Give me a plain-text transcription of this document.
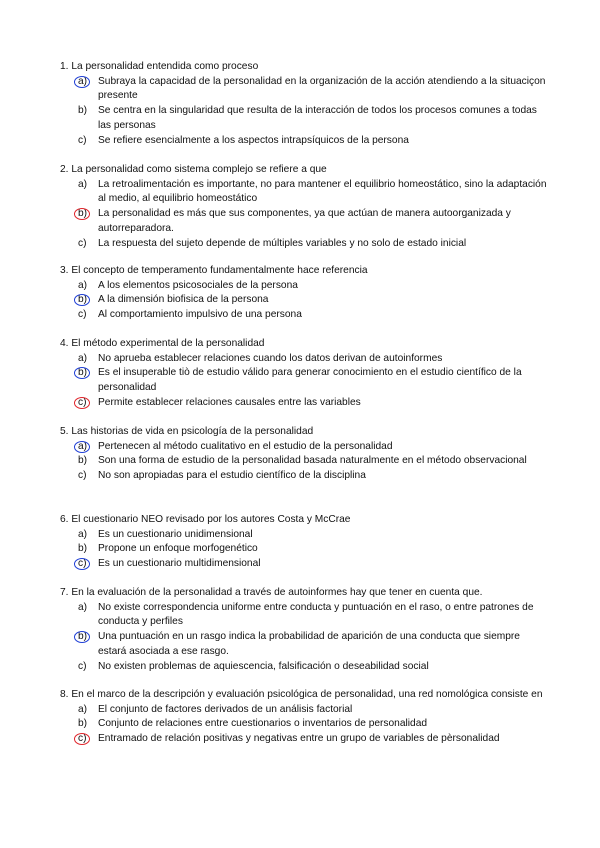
1. La personalidad entendida como proceso
a)	Subraya la capacidad de la personalidad en la organización de la acción atendiendo a la situaciçon presente
b)	Se centra en la singularidad que resulta de la interacción de todos los procesos comunes a todas las personas
c)	Se refiere esencialmente a los aspectos intrapsíquicos de la persona
2. La personalidad como sistema complejo se refiere a que
a)	La retroalimentación es importante, no para mantener el equilibrio homeostático, sino la adaptación al medio, al equilibrio homeostático
b)	La personalidad es más que sus componentes, ya que actúan de manera autoorganizada y autorreparadora.
c)	La respuesta del sujeto depende de múltiples variables y no solo de estado inicial
3. El concepto de temperamento fundamentalmente hace referencia
a)	A los elementos psicosociales de la persona
b)	A la dimensión biofisica de la persona
c)	Al comportamiento impulsivo de una persona
4. El método experimental de la personalidad
a)	No aprueba establecer relaciones cuando los datos derivan de autoinformes
b)	Es el insuperable tiò de estudio válido para generar conocimiento en el estudio científico de la personalidad
c)	Permite establecer relaciones causales entre las variables
5. Las historias de vida en psicología de la personalidad
a)	Pertenecen al método cualitativo en el estudio de la personalidad
b)	Son una forma de estudio de la personalidad basada naturalmente en el método observacional
c)	No son apropiadas para el estudio científico de la disciplina
6. El cuestionario NEO revisado por los autores Costa y McCrae
a)	Es un cuestionario unidimensional
b)	Propone un enfoque morfogenético
c)	Es un cuestionario multidimensional
7. En la evaluación de la personalidad a través de autoinformes hay que tener en cuenta que.
a)	No existe correspondencia uniforme entre conducta y puntuación en el raso, o entre patrones de conducta y perfiles
b)	Una puntuación en un rasgo indica la probabilidad de aparición de una conducta que siempre estará asociada a ese rasgo.
c)	No existen problemas de aquiescencia, falsificación o deseabilidad social
8. En el marco de la descripción y evaluación psicológica de personalidad, una red nomológica consiste en
a)	El conjunto de factores derivados de un análisis factorial
b)	Conjunto de relaciones entre cuestionarios o inventarios de personalidad
c)	Entramado de relación positivas y negativas entre un grupo de variables de pèrsonalidad
